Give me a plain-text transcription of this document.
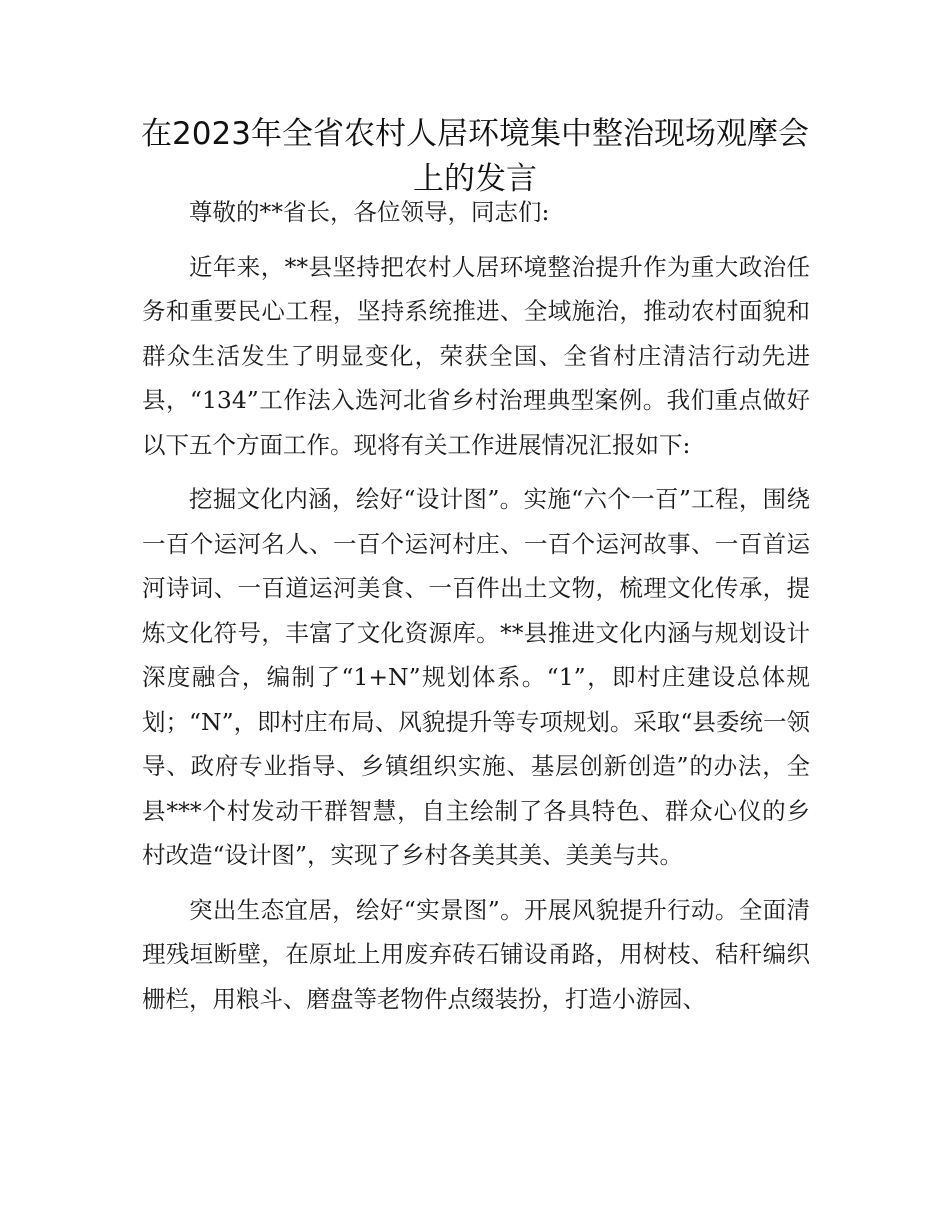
在2023年全省农村人居环境集中整治现场观摩会上的发言

尊敬的**省长，各位领导，同志们:

近年来，**县坚持把农村人居环境整治提升作为重大政治任务和重要民心工程，坚持系统推进、全域施治，推动农村面貌和群众生活发生了明显变化，荣获全国、全省村庄清洁行动先进县，“134”工作法入选河北省乡村治理典型案例。我们重点做好以下五个方面工作。现将有关工作进展情况汇报如下:

挖掘文化内涵，绘好“设计图”。实施“六个一百”工程，围绕一百个运河名人、一百个运河村庄、一百个运河故事、一百首运河诗词、一百道运河美食、一百件出土文物，梳理文化传承，提炼文化符号，丰富了文化资源库。**县推进文化内涵与规划设计深度融合，编制了“1+N”规划体系。“1”，即村庄建设总体规划；“N”，即村庄布局、风貌提升等专项规划。采取“县委统一领导、政府专业指导、乡镇组织实施、基层创新创造”的办法，全县***个村发动干群智慧，自主绘制了各具特色、群众心仪的乡村改造“设计图”，实现了乡村各美其美、美美与共。

突出生态宜居，绘好“实景图”。开展风貌提升行动。全面清理残垣断壁，在原址上用废弃砖石铺设甬路，用树枝、秸秆编织栅栏，用粮斗、磨盘等老物件点缀装扮，打造小游园、
